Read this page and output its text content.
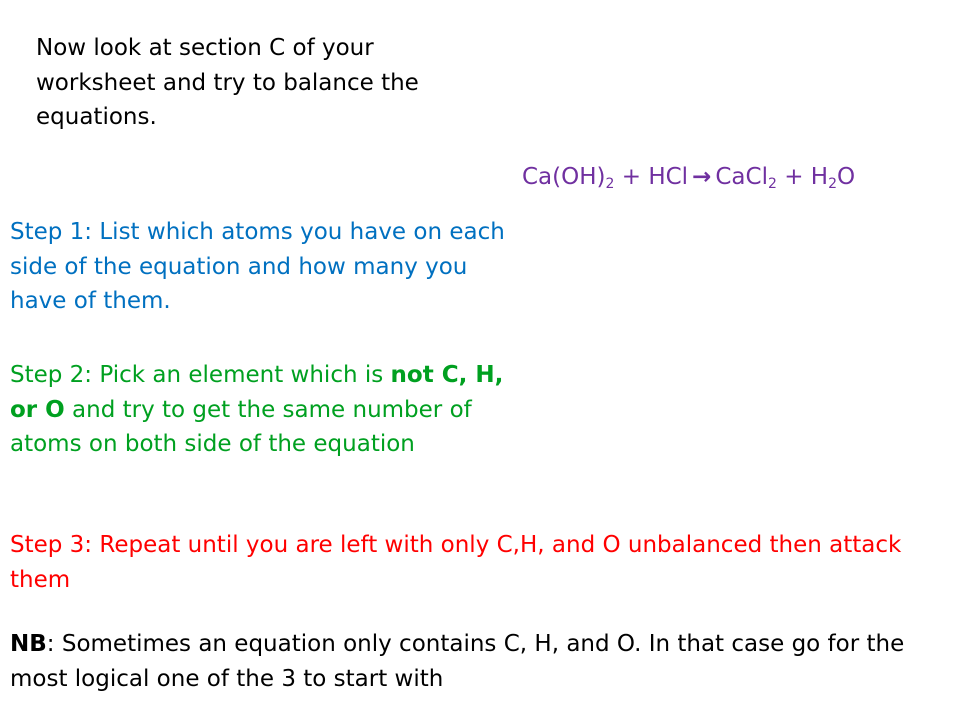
Now look at section C of your worksheet and try to balance the equations.

$Ca(OH)_2$ + HCl → CaCl$_2$ + $H_2O$

Step 1: List which atoms you have on each side of the equation and how many you have of them.

Step 2: Pick an element which is not C, H, or O and try to get the same number of atoms on both side of the equation

Step 3: Repeat until you are left with only C,H, and O unbalanced then attack them

NB: Sometimes an equation only contains C, H, and O. In that case go for the most logical one of the 3 to start with
